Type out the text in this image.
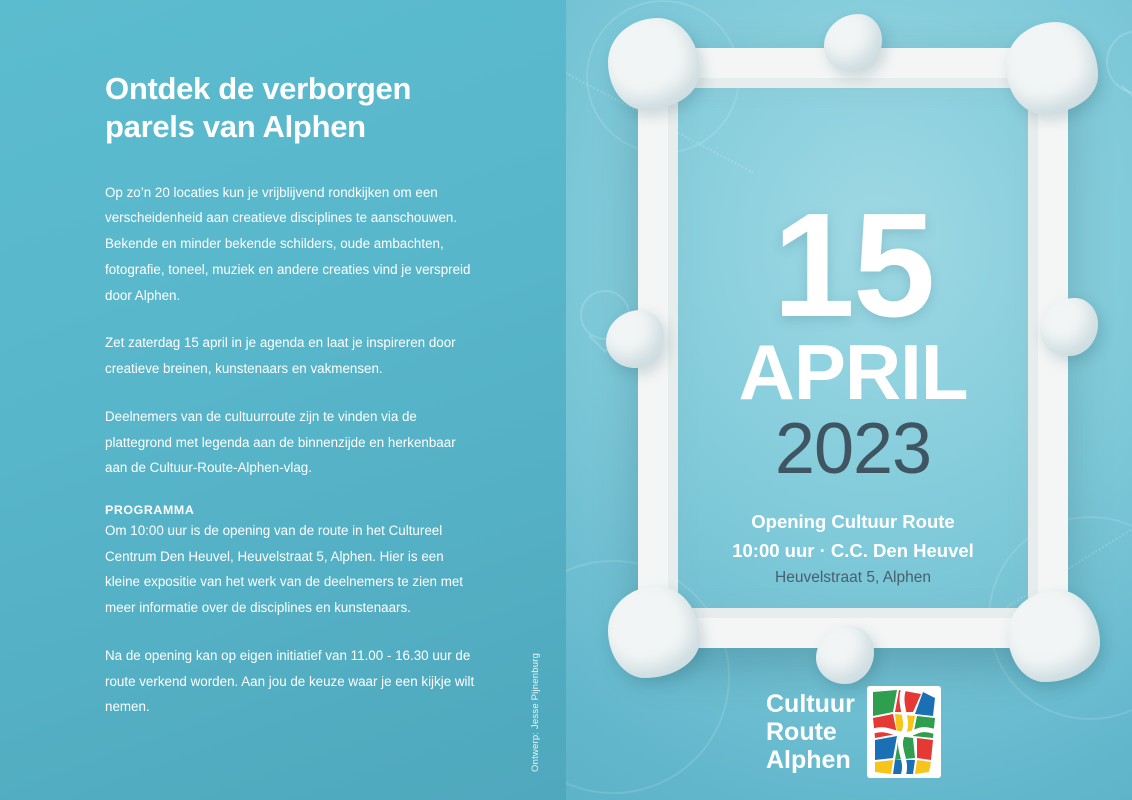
Ontdek de verborgen parels van Alphen

Op zo’n 20 locaties kun je vrijblijvend rondkijken om een verscheidenheid aan creatieve disciplines te aanschouwen. Bekende en minder bekende schilders, oude ambachten, fotografie, toneel, muziek en andere creaties vind je verspreid door Alphen.

Zet zaterdag 15 april in je agenda en laat je inspireren door creatieve breinen, kunstenaars en vakmensen.

Deelnemers van de cultuurroute zijn te vinden via de plattegrond met legenda aan de binnenzijde en herkenbaar aan de Cultuur-Route-Alphen-vlag.

PROGRAMMA

Om 10:00 uur is de opening van de route in het Cultureel Centrum Den Heuvel, Heuvelstraat 5, Alphen. Hier is een kleine expositie van het werk van de deelnemers te zien met meer informatie over de disciplines en kunstenaars.

Na de opening kan op eigen initiatief van 11.00 - 16.30 uur de route verkend worden. Aan jou de keuze waar je een kijkje wilt nemen.	Ontwerp: Jesse Pijnenburg
15
APRIL
2023
Opening Cultuur Route
10:00 uur · C.C. Den Heuvel
Heuvelstraat 5, Alphen
Cultuur
Route
Alphen
